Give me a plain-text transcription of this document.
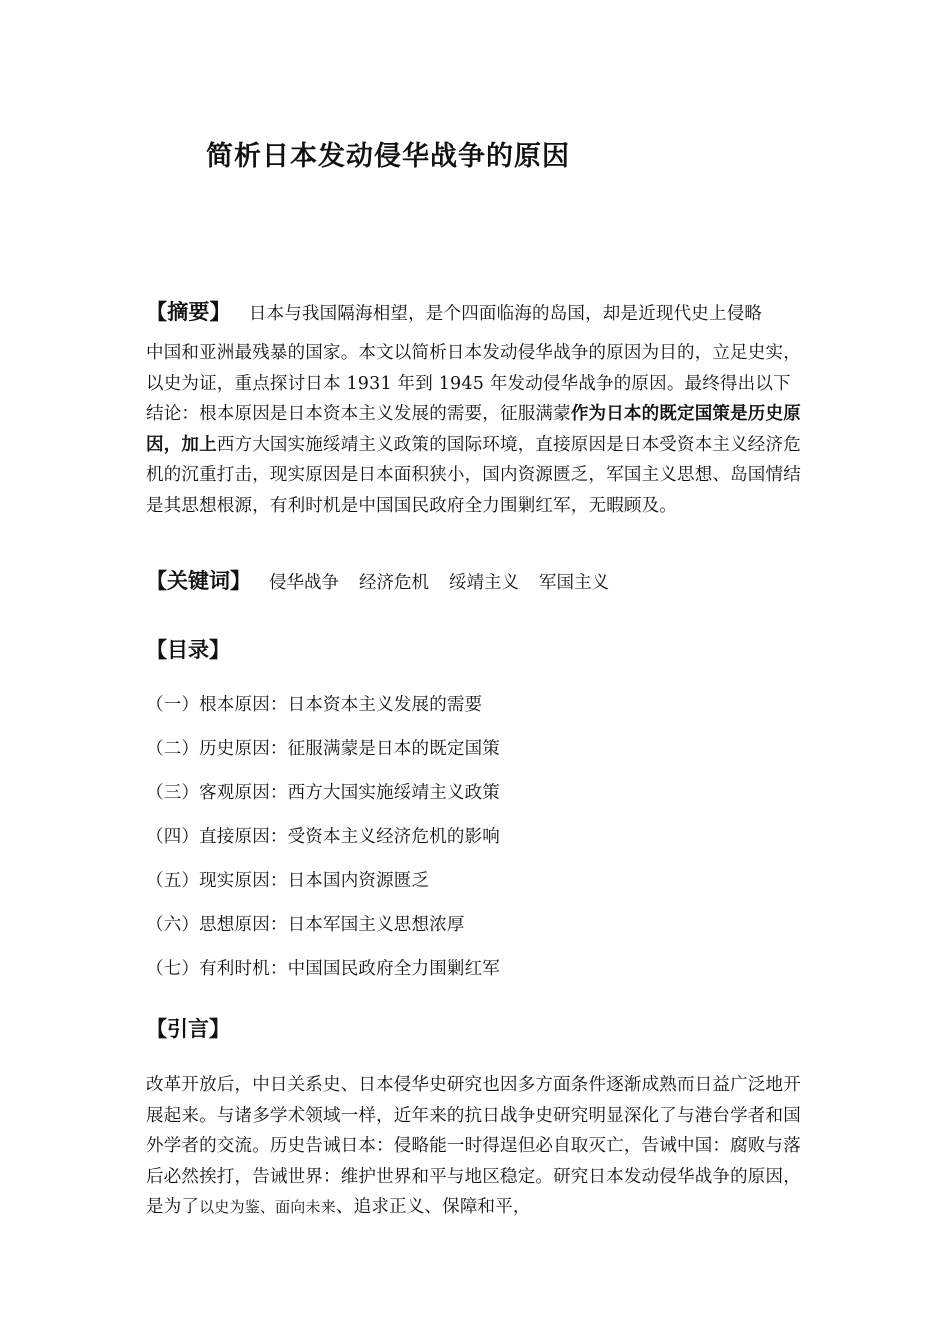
简析日本发动侵华战争的原因
【摘要】 日本与我国隔海相望，是个四面临海的岛国，却是近现代史上侵略
中国和亚洲最残暴的国家。本文以简析日本发动侵华战争的原因为目的，立足史实，以史为证，重点探讨日本 1931 年到 1945 年发动侵华战争的原因。最终得出以下结论：根本原因是日本资本主义发展的需要，征服满蒙作为日本的既定国策是历史原因，加上西方大国实施绥靖主义政策的国际环境，直接原因是日本受资本主义经济危机的沉重打击，现实原因是日本面积狭小，国内资源匮乏，军国主义思想、岛国情结是其思想根源，有利时机是中国国民政府全力围剿红军，无暇顾及。
【关键词】 侵华战争 经济危机 绥靖主义 军国主义
【目录】
（一）根本原因：日本资本主义发展的需要
（二）历史原因：征服满蒙是日本的既定国策
（三）客观原因：西方大国实施绥靖主义政策
（四）直接原因：受资本主义经济危机的影响
（五）现实原因：日本国内资源匮乏
（六）思想原因：日本军国主义思想浓厚
（七）有利时机：中国国民政府全力围剿红军
【引言】
改革开放后，中日关系史、日本侵华史研究也因多方面条件逐渐成熟而日益广泛地开展起来。与诸多学术领域一样，近年来的抗日战争史研究明显深化了与港台学者和国外学者的交流。历史告诫日本：侵略能一时得逞但必自取灭亡，告诫中国：腐败与落后必然挨打，告诫世界：维护世界和平与地区稳定。研究日本发动侵华战争的原因，是为了以史为鉴、面向未来、追求正义、保障和平，
